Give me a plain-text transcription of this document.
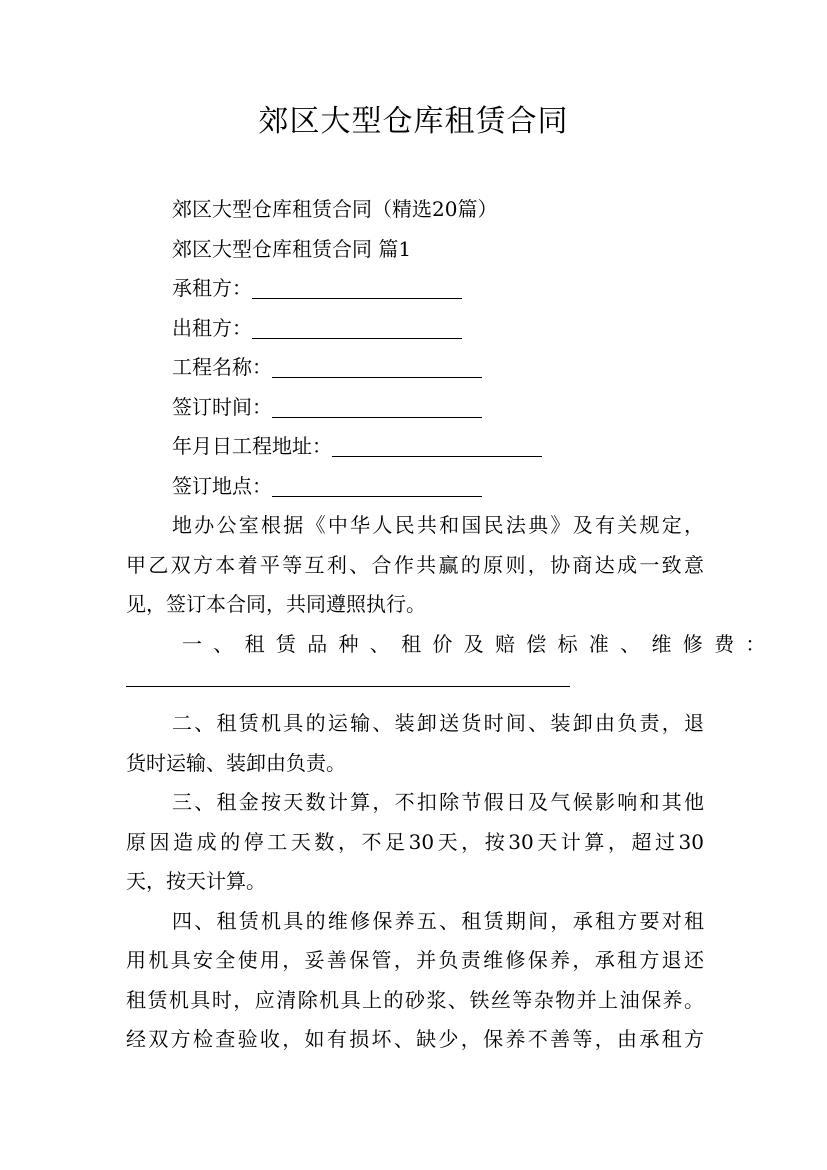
郊区大型仓库租赁合同
郊区大型仓库租赁合同（精选20篇）
郊区大型仓库租赁合同 篇1
承租方：
出租方：
工程名称：
签订时间：
年月日工程地址：
签订地点：
地办公室根据《中华人民共和国民法典》及有关规定，
甲乙双方本着平等互利、合作共赢的原则，协商达成一致意
见，签订本合同，共同遵照执行。
一、租赁品种、租价及赔偿标准、维修费：
二、租赁机具的运输、装卸送货时间、装卸由负责，退
货时运输、装卸由负责。
三、租金按天数计算，不扣除节假日及气候影响和其他
原因造成的停工天数，不足30天，按30天计算，超过30
天，按天计算。
四、租赁机具的维修保养五、租赁期间，承租方要对租
用机具安全使用，妥善保管，并负责维修保养，承租方退还
租赁机具时，应清除机具上的砂浆、铁丝等杂物并上油保养。
经双方检查验收，如有损坏、缺少，保养不善等，由承租方
